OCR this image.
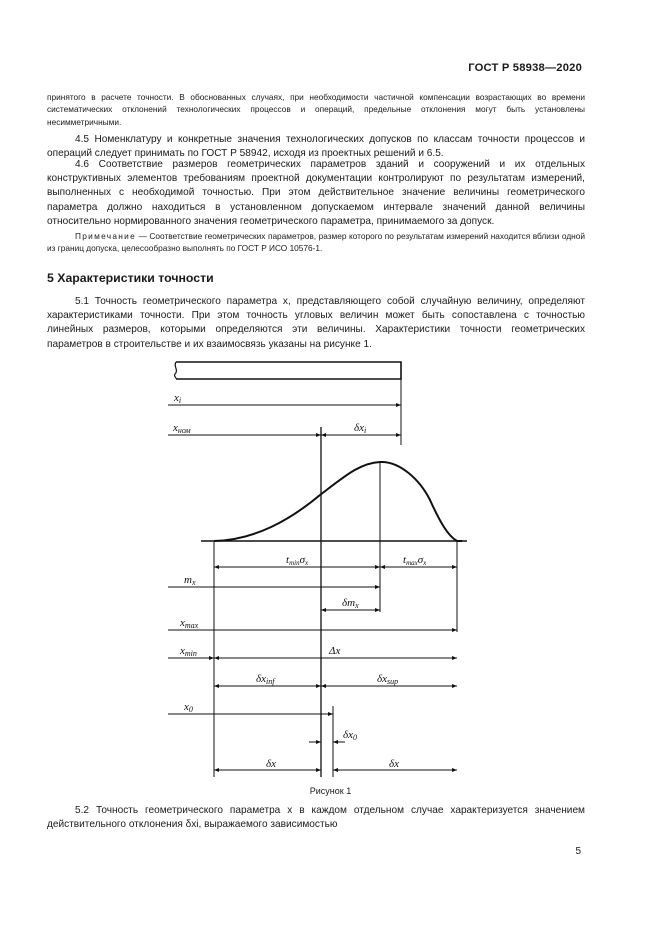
ГОСТ Р 58938—2020

принятого в расчете точности. В обоснованных случаях, при необходимости частичной компенсации возрастающих во времени систематических отклонений технологических процессов и операций, предельные отклонения могут быть установлены несимметричными.

4.5 Номенклатуру и конкретные значения технологических допусков по классам точности процессов и операций следует принимать по ГОСТ Р 58942, исходя из проектных решений и 6.5.

4.6 Соответствие размеров геометрических параметров зданий и сооружений и их отдельных конструктивных элементов требованиям проектной документации контролируют по результатам измерений, выполненных с необходимой точностью. При этом действительное значение величины геометрического параметра должно находиться в установленном допускаемом интервале значений данной величины относительно нормированного значения геометрического параметра, принимаемого за допуск.

Примечание — Соответствие геометрических параметров, размер которого по результатам измерений находится вблизи одной из границ допуска, целесообразно выполнять по ГОСТ Р ИСО 10576-1.

5 Характеристики точности

5.1 Точность геометрического параметра x, представляющего собой случайную величину, определяют характеристиками точности. При этом точность угловых величин может быть сопоставлена с точностью линейных размеров, которыми определяются эти величины. Характеристики точности геометрических параметров в строительстве и их взаимосвязь указаны на рисунке 1.

xi
xном	δxi
tminσx	tmaxσx
mx
δmx
xmax
xmin	Δx
δxinf	δxsup
x0
δx0
δx	δx
Рисунок 1

5.2 Точность геометрического параметра x в каждом отдельном случае характеризуется значением действительного отклонения δxi, выражаемого зависимостью

5
